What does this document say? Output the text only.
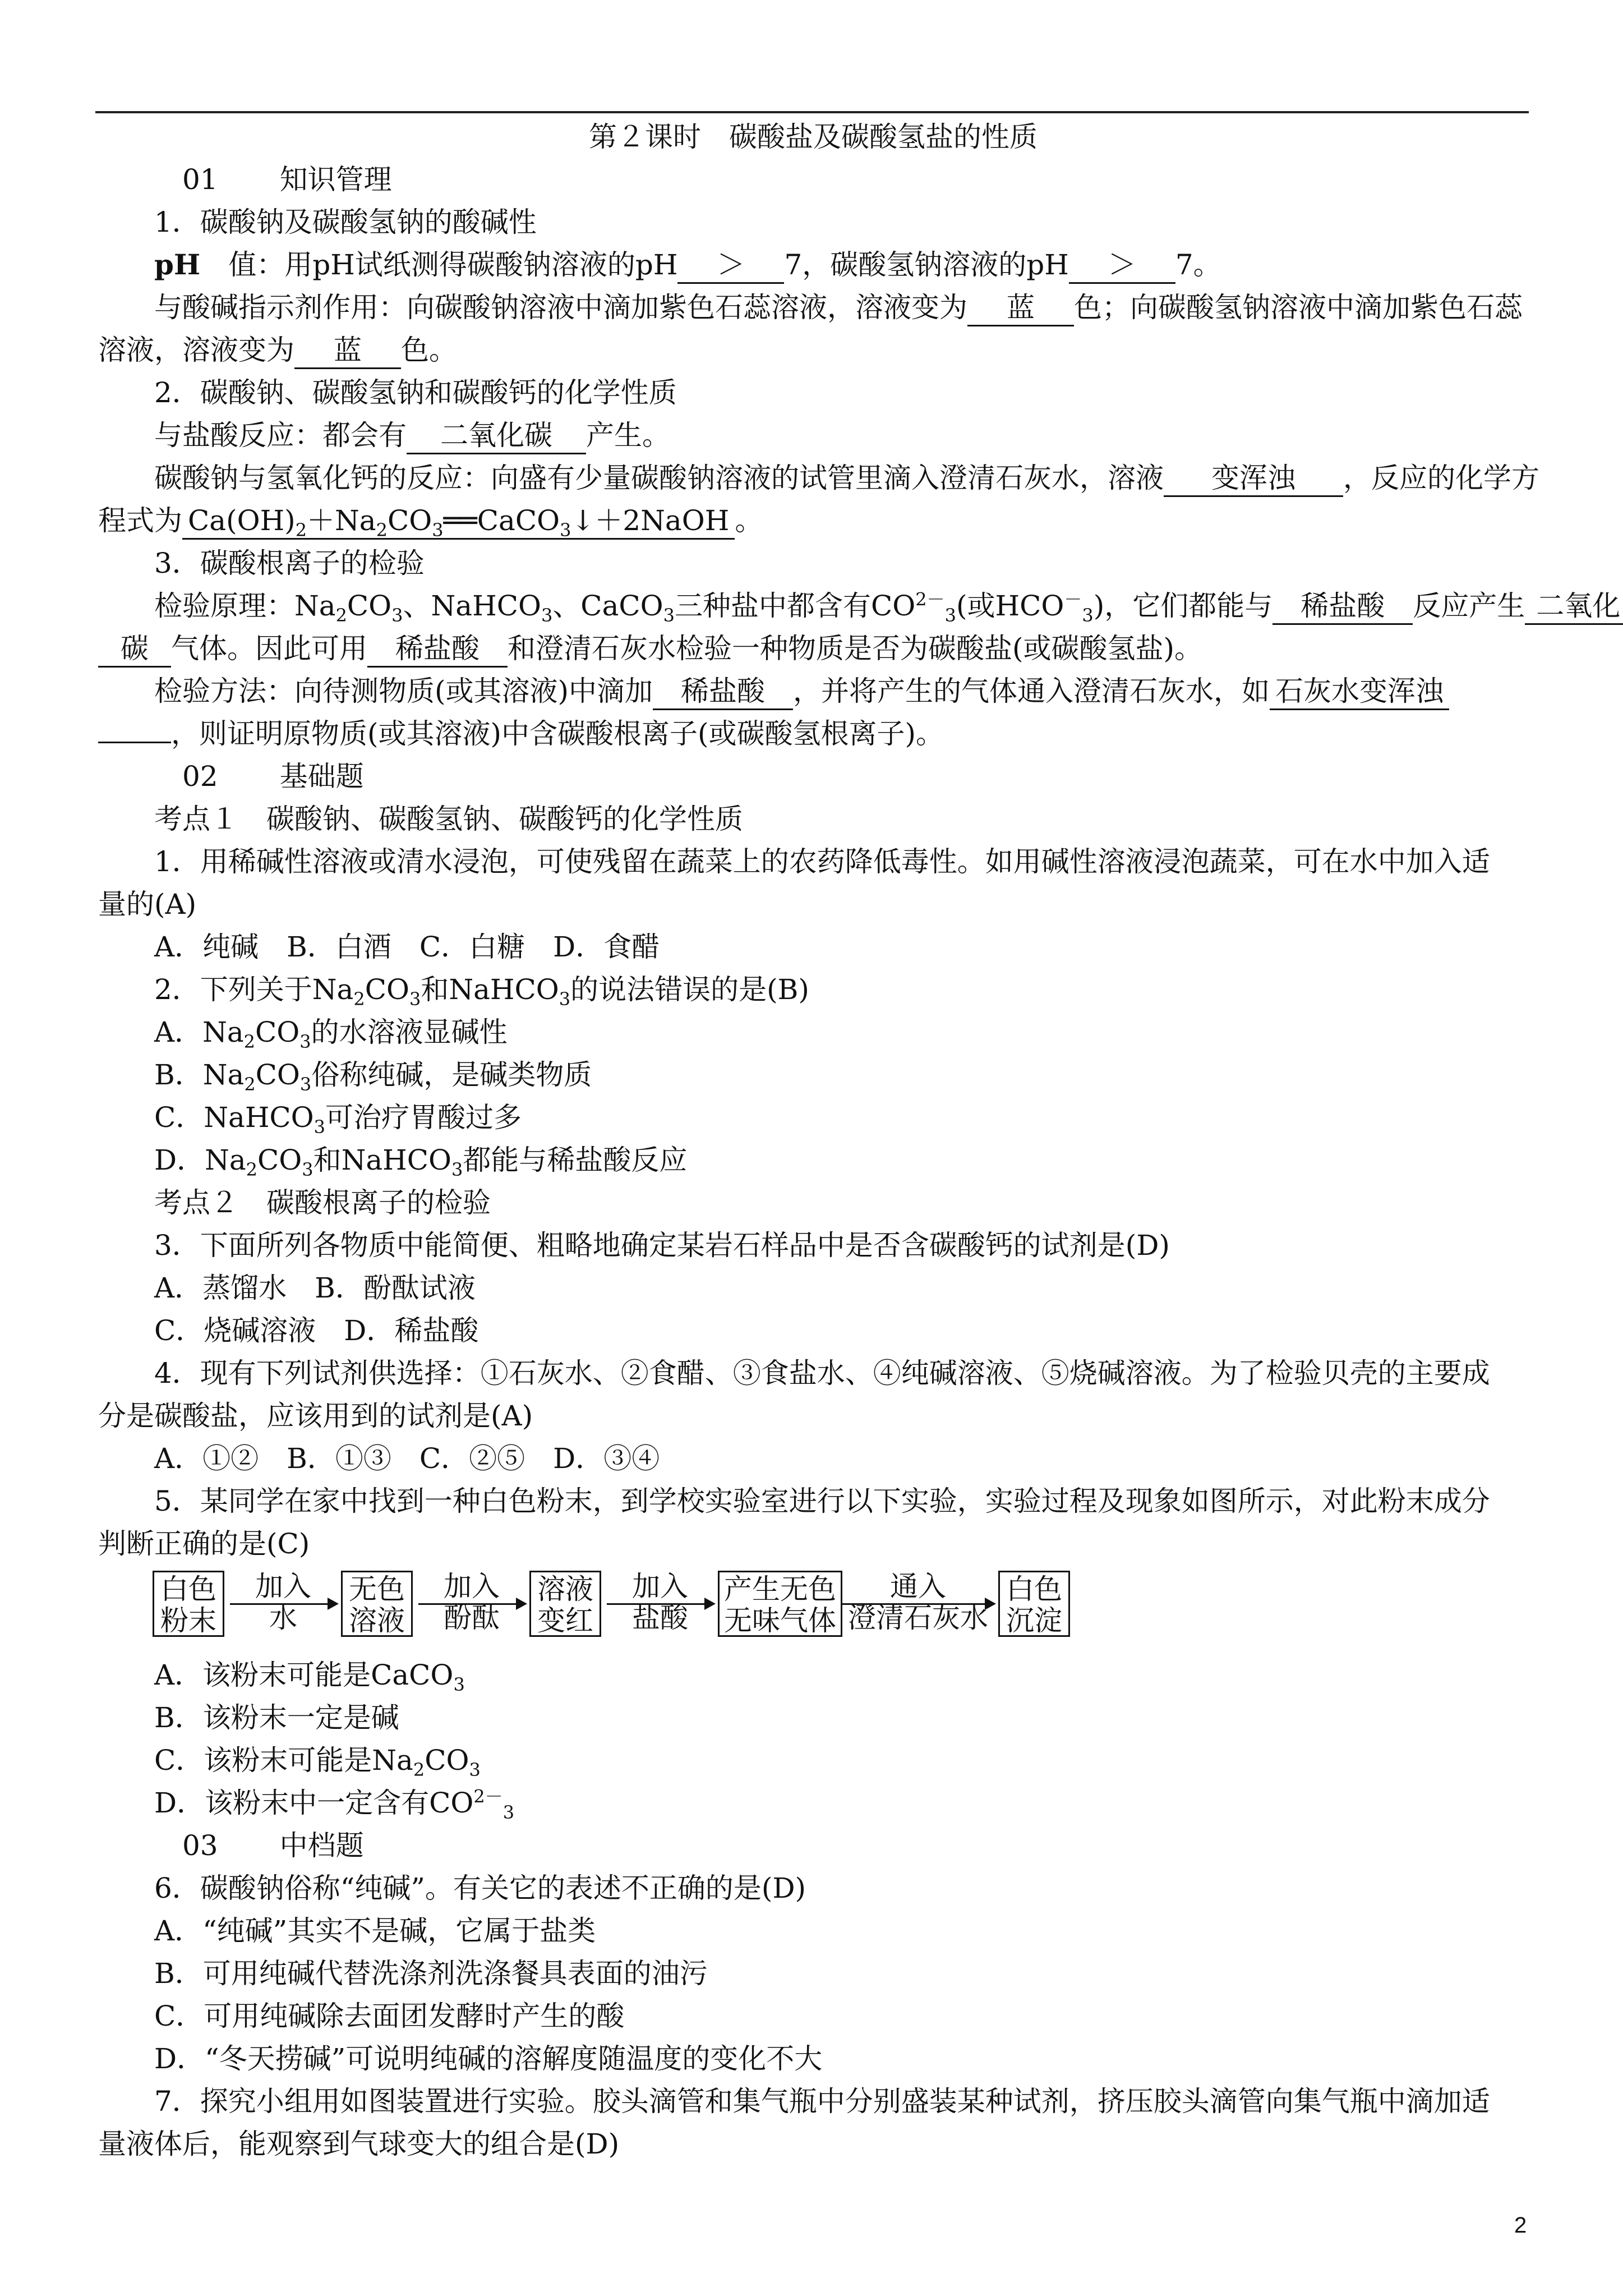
第２课时　碳酸盐及碳酸氢盐的性质
01 知识管理
1．碳酸钠及碳酸氢钠的酸碱性
pH 值：用pH试纸测得碳酸钠溶液的pH ＞ 7，碳酸氢钠溶液的pH ＞ 7。
与酸碱指示剂作用：向碳酸钠溶液中滴加紫色石蕊溶液，溶液变为 蓝 色；向碳酸氢钠溶液中滴加紫色石蕊
溶液，溶液变为 蓝 色。
2．碳酸钠、碳酸氢钠和碳酸钙的化学性质
与盐酸反应：都会有 二氧化碳 产生。
碳酸钠与氢氧化钙的反应：向盛有少量碳酸钠溶液的试管里滴入澄清石灰水，溶液 变浑浊 ，反应的化学方
程式为 $Ca(OH)_2+Na_2CO_3══CaCO_3↓+2NaOH$ 。
3．碳酸根离子的检验
检验原理：$Na_2CO_3$、NaHCO$_3$、CaCO$_3$三种盐中都含有$CO^{2-}_3$(或$HCO^-_3$)，它们都能与 稀盐酸 反应产生 二氧化
碳 气体。因此可用 稀盐酸 和澄清石灰水检验一种物质是否为碳酸盐(或碳酸氢盐)。
检验方法：向待测物质(或其溶液)中滴加 稀盐酸 ，并将产生的气体通入澄清石灰水，如 石灰水变浑浊
，则证明原物质(或其溶液)中含碳酸根离子(或碳酸氢根离子)。
02 基础题
考点１　碳酸钠、碳酸氢钠、碳酸钙的化学性质
1．用稀碱性溶液或清水浸泡，可使残留在蔬菜上的农药降低毒性。如用碱性溶液浸泡蔬菜，可在水中加入适
量的(A)
A．纯碱　B．白酒　C．白糖　D．食醋
2．下列关于$Na_2CO_3$和NaHCO$_3$的说法错误的是(B)
A．$Na_2CO_3$的水溶液显碱性
B．$Na_2CO_3$俗称纯碱，是碱类物质
C．NaHCO$_3$可治疗胃酸过多
D．$Na_2CO_3$和NaHCO$_3$都能与稀盐酸反应
考点２　碳酸根离子的检验
3．下面所列各物质中能简便、粗略地确定某岩石样品中是否含碳酸钙的试剂是(D)
A．蒸馏水　B．酚酞试液
C．烧碱溶液　D．稀盐酸
4．现有下列试剂供选择：①石灰水、②食醋、③食盐水、④纯碱溶液、⑤烧碱溶液。为了检验贝壳的主要成
分是碳酸盐，应该用到的试剂是(A)
A．①②　B．①③　C．②⑤　D．③④
5．某同学在家中找到一种白色粉末，到学校实验室进行以下实验，实验过程及现象如图所示，对此粉末成分
判断正确的是(C)
白色
粉末
加入
水
无色
溶液
加入
酚酞
溶液
变红
加入
盐酸
产生无色
无味气体
通入
澄清石灰水
白色
沉淀
A．该粉末可能是CaCO$_3$
B．该粉末一定是碱
C．该粉末可能是$Na_2CO_3$
D．该粉末中一定含有$CO^{2-}_3$
03 中档题
6．碳酸钠俗称“纯碱”。有关它的表述不正确的是(D)
A．“纯碱”其实不是碱，它属于盐类
B．可用纯碱代替洗涤剂洗涤餐具表面的油污
C．可用纯碱除去面团发酵时产生的酸
D．“冬天捞碱”可说明纯碱的溶解度随温度的变化不大
7．探究小组用如图装置进行实验。胶头滴管和集气瓶中分别盛装某种试剂，挤压胶头滴管向集气瓶中滴加适
量液体后，能观察到气球变大的组合是(D)
2
